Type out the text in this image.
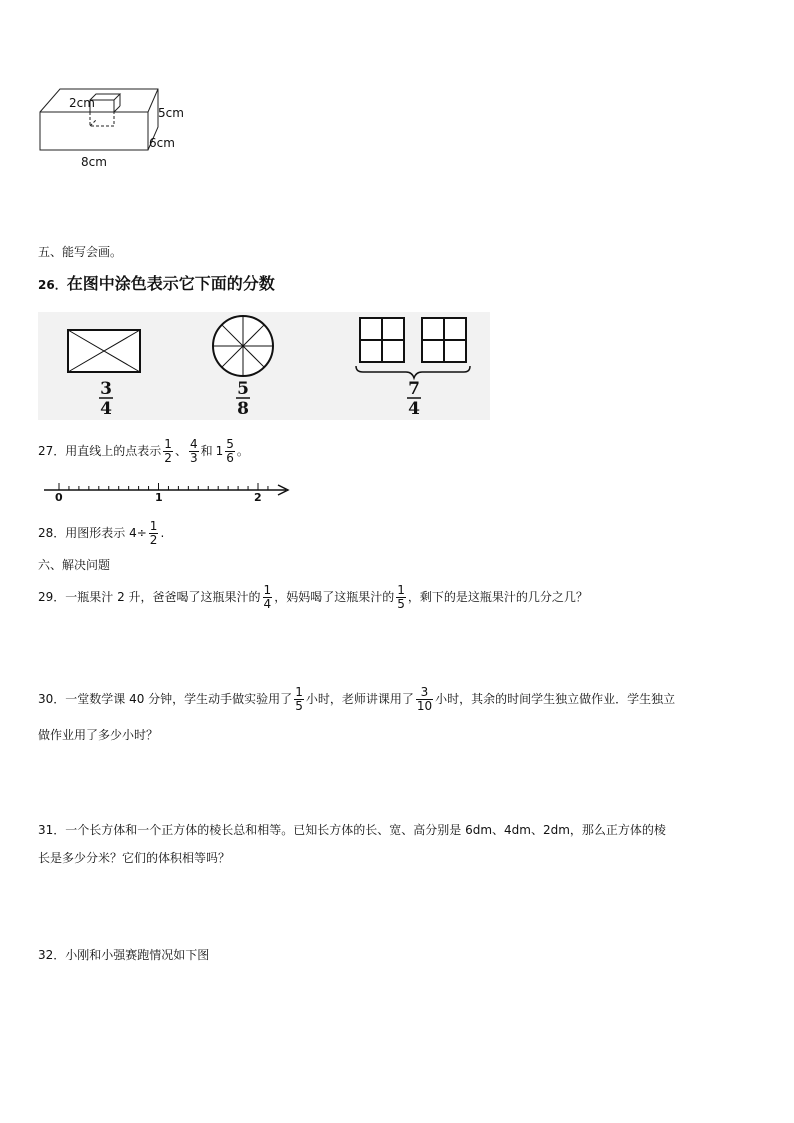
2cm
5cm
6cm
8cm
五、能写会画。
26．在图中涂色表示它下面的分数
3
4
5
8
7
4
27． 用直线上的点表示 $\frac{1}{2}$ 、 $\frac{4}{3}$ 和 $1 \frac{5}{6}$ 。
0	1	2
28． 用图形表示 $4\div \frac{1}{2}$ .
六、解决问题
29． 一瓶果汁 2 升，爸爸喝了这瓶果汁的 $\frac{1}{4}$ ，妈妈喝了这瓶果汁的 $\frac{1}{5}$ ，剩下的是这瓶果汁的几分之几？
30． 一堂数学课 40 分钟，学生动手做实验用了 $\frac{1}{5}$ 小时，老师讲课用了 $\frac{3}{10}$ 小时，其余的时间学生独立做作业．学生独立
做作业用了多少小时？
31．一个长方体和一个正方体的棱长总和相等。已知长方体的长、宽、高分别是 6dm、4dm、2dm，那么正方体的棱
长是多少分米？它们的体积相等吗？
32．小刚和小强赛跑情况如下图
